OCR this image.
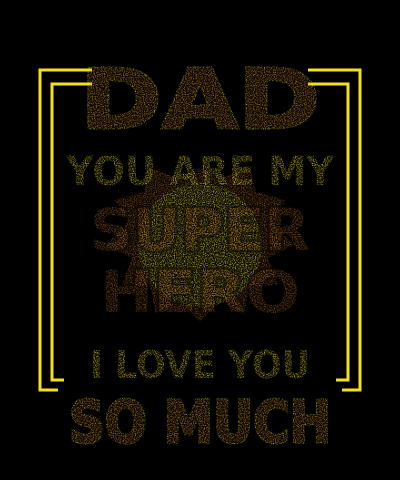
DAD
YOU ARE MY
SUPER
HERO
I LOVE YOU
SO MUCH
